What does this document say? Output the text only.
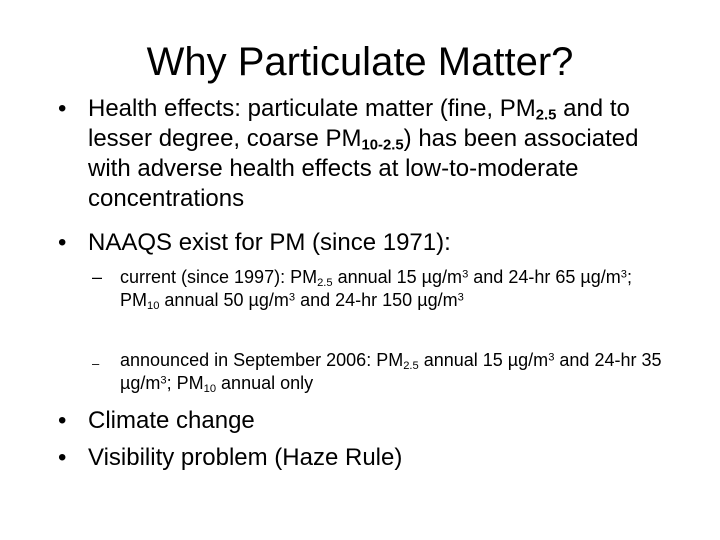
Why Particulate Matter?
• Health effects: particulate matter (fine, $PM_{2.5}$ and to lesser degree, coarse $PM_{10-2.5}$) has been associated with adverse health effects at low-to-moderate concentrations
• NAAQS exist for PM (since 1971):
– current (since 1997): $PM_{2.5}$ annual 15 $\mu g/m^3$ and 24-hr 65 $\mu g/m^3$; $PM_{10}$ annual 50 $\mu g/m^3$ and 24-hr 150 $\mu g/m^3$
–	announced in September 2006: $PM_{2.5}$ annual 15 $\mu g/m^3$ and 24-hr 35 $\mu g/m^3$; $PM_{10}$ annual only
• Climate change
• Visibility problem (Haze Rule)
